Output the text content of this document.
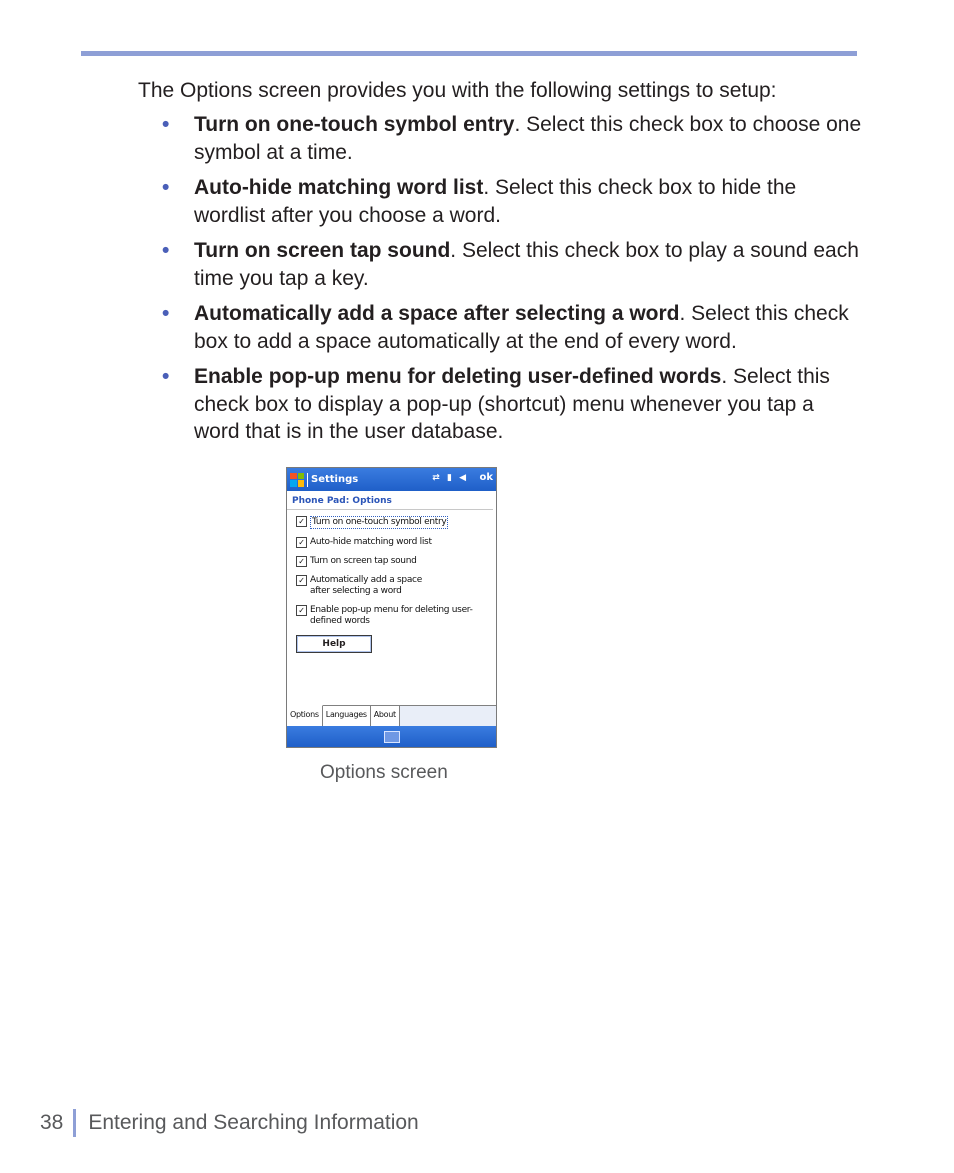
The Options screen provides you with the following settings to setup:

• Turn on one-touch symbol entry. Select this check box to choose one symbol at a time.
• Auto-hide matching word list. Select this check box to hide the wordlist after you choose a word.
• Turn on screen tap sound. Select this check box to play a sound each time you tap a key.
• Automatically add a space after selecting a word. Select this check box to add a space automatically at the end of every word.
• Enable pop-up menu for deleting user-defined words. Select this check box to display a pop-up (shortcut) menu whenever you tap a word that is in the user database.
Settings	⇄ ▮ ◀ ok
Phone Pad: Options
✓ Turn on one-touch symbol entry
✓ Auto-hide matching word list
✓ Turn on screen tap sound
✓ Automatically add a space after selecting a word
✓ Enable pop-up menu for deleting user-defined words
Help
Options Languages About

Options screen

38 Entering and Searching Information
